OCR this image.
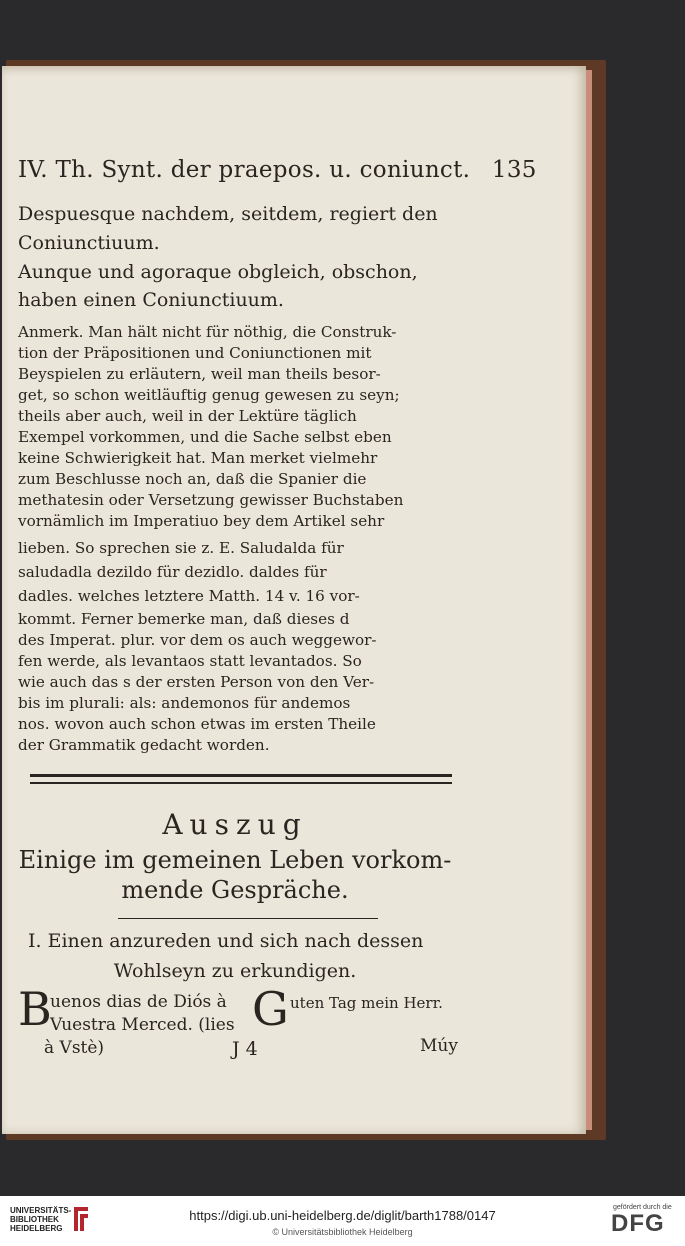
IV. Th. Synt. der praepos. u. coniunct. 135
Despuesque nachdem, seitdem, regiert den
Coniunctiuum.
Aunque und agoraque obgleich, obschon,
haben einen Coniunctiuum.
Anmerk. Man hält nicht für nöthig, die Construk-
tion der Präpositionen und Coniunctionen mit
Beyspielen zu erläutern, weil man theils besor-
get, so schon weitläuftig genug gewesen zu seyn;
theils aber auch, weil in der Lektüre täglich
Exempel vorkommen, und die Sache selbst eben
keine Schwierigkeit hat. Man merket vielmehr
zum Beschlusse noch an, daß die Spanier die
methatesin oder Versetzung gewisser Buchstaben
vornämlich im Imperatiuo bey dem Artikel sehr
lieben. So sprechen sie z. E. Saludalda für
saludadla dezildo für dezidlo. daldes für
dadles. welches letztere Matth. 14 v. 16 vor-
kommt. Ferner bemerke man, daß dieses d
des Imperat. plur. vor dem os auch weggewor-
fen werde, als levantaos statt levantados. So
wie auch das s der ersten Person von den Ver-
bis im plurali: als: andemonos für andemos
nos. wovon auch schon etwas im ersten Theile
der Grammatik gedacht worden.
Auszug
Einige im gemeinen Leben vorkom-
mende Gespräche.
I. Einen anzureden und sich nach dessen
Wohlseyn zu erkundigen.
B
uenos dias de Diós à
Vuestra Merced. (lies
à Vstè)
G uten Tag mein Herr.
J 4	Múy
UNIVERSITÄTS-
BIBLIOTHEK
HEIDELBERG
https://digi.ub.uni-heidelberg.de/diglit/barth1788/0147
© Universitätsbibliothek Heidelberg
gefördert durch die
DFG
